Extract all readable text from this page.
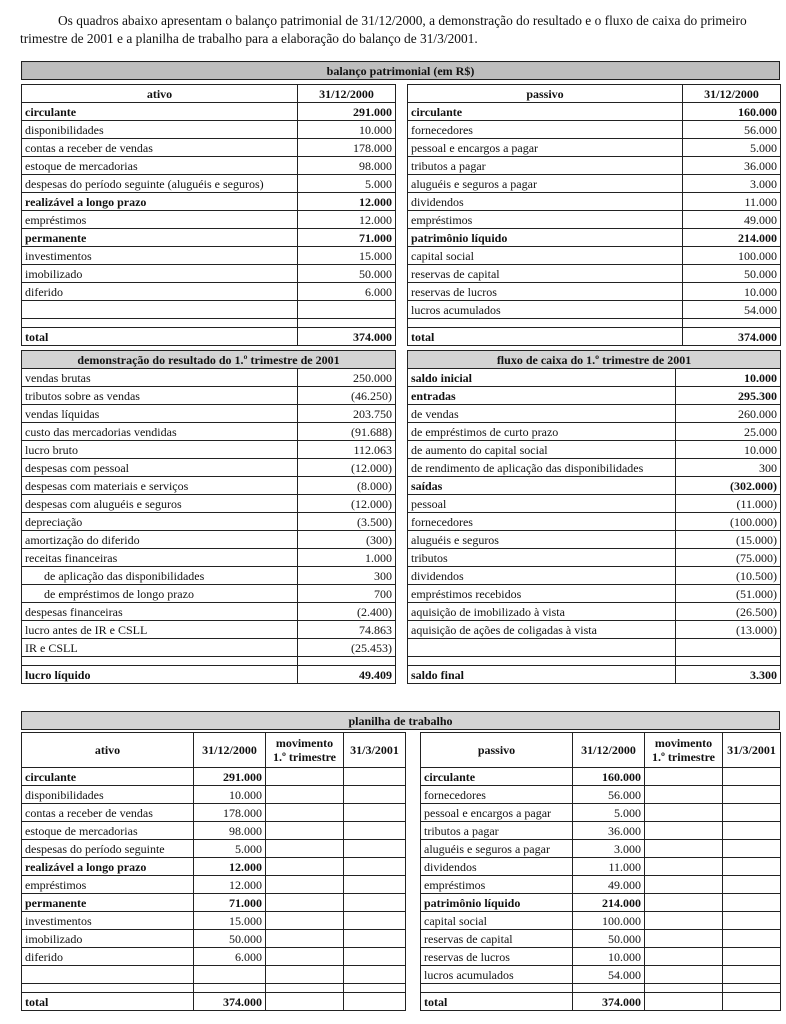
Os quadros abaixo apresentam o balanço patrimonial de 31/12/2000, a demonstração do resultado e o fluxo de caixa do primeiro trimestre de 2001 e a planilha de trabalho para a elaboração do balanço de 31/3/2001.

balanço patrimonial (em R$)
ativo	31/12/2000
circulante	291.000
disponibilidades	10.000
contas a receber de vendas	178.000
estoque de mercadorias	98.000
despesas do período seguinte (aluguéis e seguros)	5.000
realizável a longo prazo	12.000
empréstimos	12.000
permanente	71.000
investimentos	15.000
imobilizado	50.000
diferido	6.000

total	374.000
passivo	31/12/2000
circulante	160.000
fornecedores	56.000
pessoal e encargos a pagar	5.000
tributos a pagar	36.000
aluguéis e seguros a pagar	3.000
dividendos	11.000
empréstimos	49.000
patrimônio líquido	214.000
capital social	100.000
reservas de capital	50.000
reservas de lucros	10.000
lucros acumulados	54.000

total	374.000
demonstração do resultado do 1.º trimestre de 2001	
vendas brutas	250.000
tributos sobre as vendas	(46.250)
vendas líquidas	203.750
custo das mercadorias vendidas	(91.688)
lucro bruto	112.063
despesas com pessoal	(12.000)
despesas com materiais e serviços	(8.000)
despesas com aluguéis e seguros	(12.000)
depreciação	(3.500)
amortização do diferido	(300)
receitas financeiras	1.000
de aplicação das disponibilidades	300
de empréstimos de longo prazo	700
despesas financeiras	(2.400)
lucro antes de IR e CSLL	74.863
IR e CSLL	(25.453)

lucro líquido	49.409
fluxo de caixa do 1.º trimestre de 2001	
saldo inicial	10.000
entradas	295.300
de vendas	260.000
de empréstimos de curto prazo	25.000
de aumento do capital social	10.000
de rendimento de aplicação das disponibilidades	300
saídas	(302.000)
pessoal	(11.000)
fornecedores	(100.000)
aluguéis e seguros	(15.000)
tributos	(75.000)
dividendos	(10.500)
empréstimos recebidos	(51.000)
aquisição de imobilizado à vista	(26.500)
aquisição de ações de coligadas à vista	(13.000)

saldo final	3.300
planilha de trabalho
ativo	31/12/2000	movimento 1.º trimestre	31/3/2001
circulante	291.000		
disponibilidades	10.000		
contas a receber de vendas	178.000		
estoque de mercadorias	98.000		
despesas do período seguinte	5.000		
realizável a longo prazo	12.000		
empréstimos	12.000		
permanente	71.000		
investimentos	15.000		
imobilizado	50.000		
diferido	6.000		

total	374.000		
passivo	31/12/2000	movimento 1.º trimestre	31/3/2001
circulante	160.000		
fornecedores	56.000		
pessoal e encargos a pagar	5.000		
tributos a pagar	36.000		
aluguéis e seguros a pagar	3.000		
dividendos	11.000		
empréstimos	49.000		
patrimônio líquido	214.000		
capital social	100.000		
reservas de capital	50.000		
reservas de lucros	10.000		
lucros acumulados	54.000		

total	374.000		
